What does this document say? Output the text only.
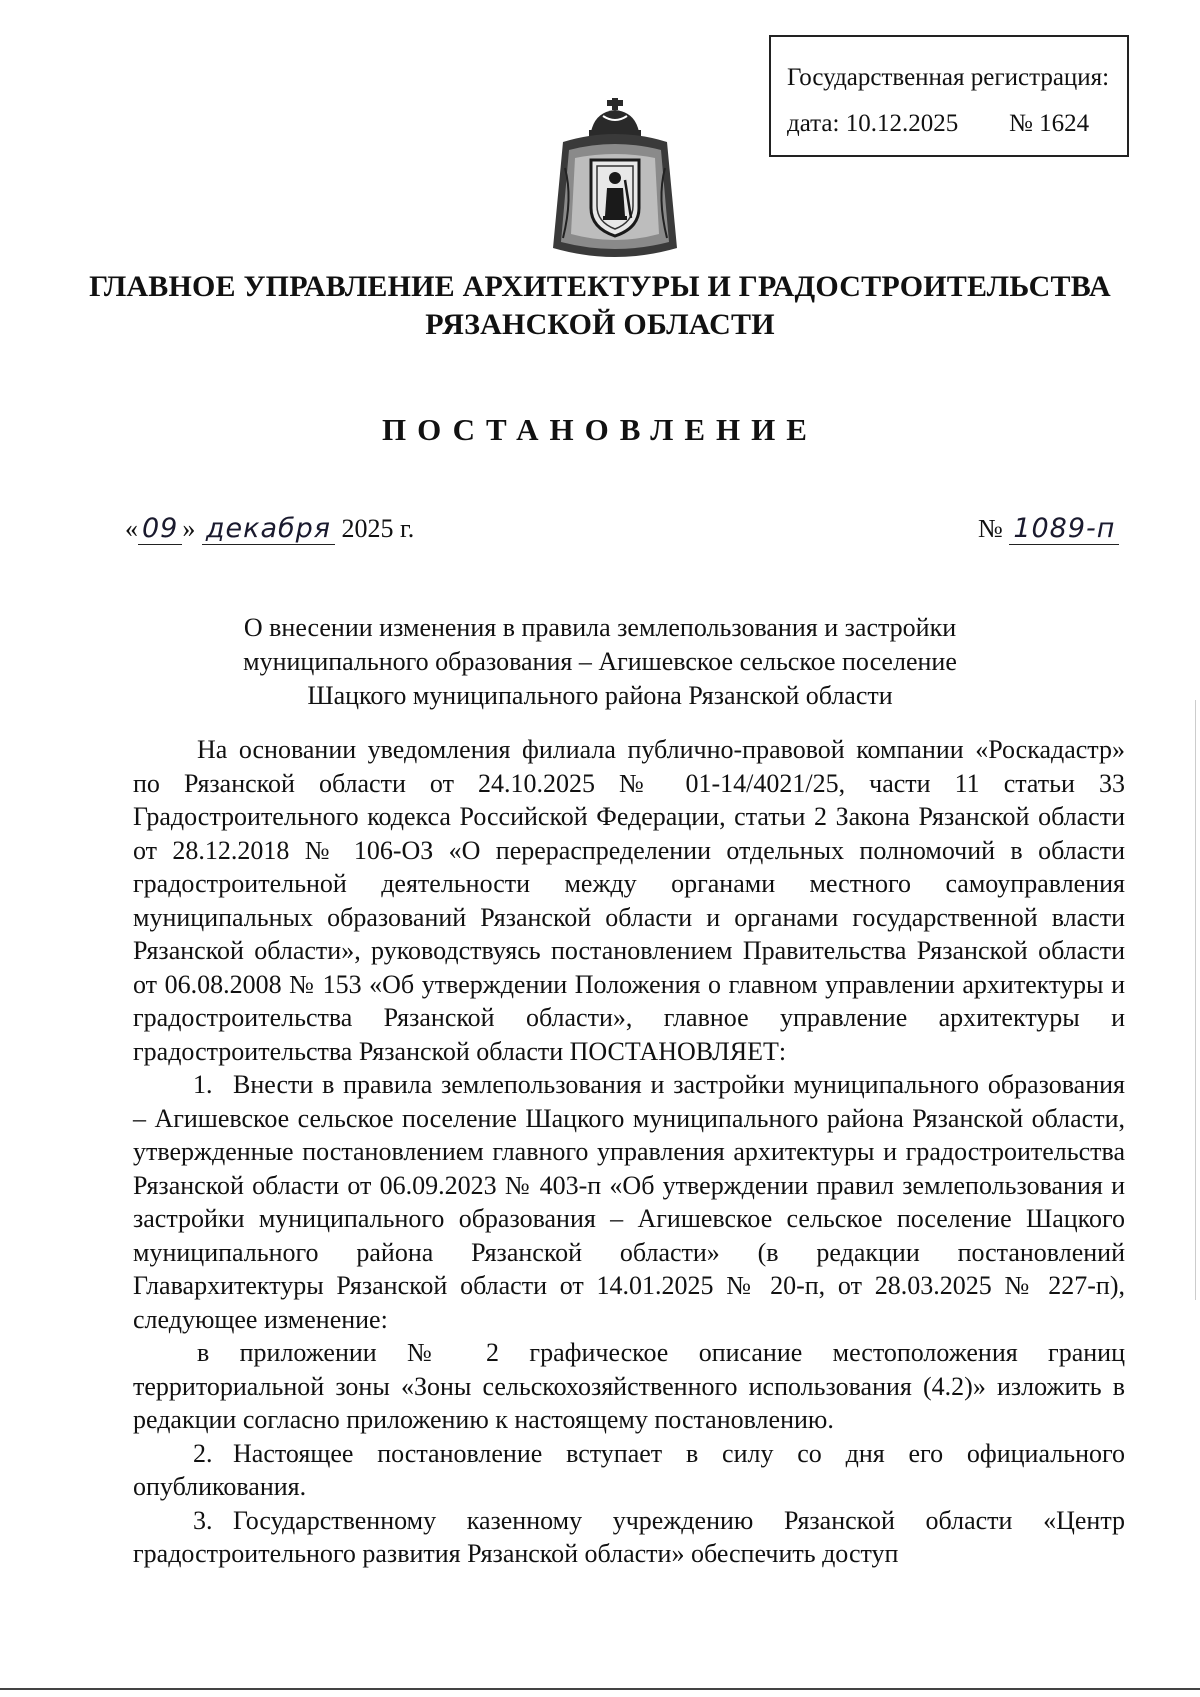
Государственная регистрация:
дата: 10.12.2025 № 1624
ГЛАВНОЕ УПРАВЛЕНИЕ АРХИТЕКТУРЫ И ГРАДОСТРОИТЕЛЬСТВА
РЯЗАНСКОЙ ОБЛАСТИ
ПОСТАНОВЛЕНИЕ
« 09 » декабря 2025 г.	№ 1089-п
О внесении изменения в правила землепользования и застройки
муниципального образования – Агишевское сельское поселение
Шацкого муниципального района Рязанской области

На основании уведомления филиала публично-правовой компании «Роскадастр» по Рязанской области от 24.10.2025 № 01-14/4021/25, части 11 статьи 33 Градостроительного кодекса Российской Федерации, статьи 2 Закона Рязанской области от 28.12.2018 № 106-ОЗ «О перераспределении отдельных полномочий в области градостроительной деятельности между органами местного самоуправления муниципальных образований Рязанской области и органами государственной власти Рязанской области», руководствуясь постановлением Правительства Рязанской области от 06.08.2008 № 153 «Об утверждении Положения о главном управлении архитектуры и градостроительства Рязанской области», главное управление архитектуры и градостроительства Рязанской области ПОСТАНОВЛЯЕТ:

1. Внести в правила землепользования и застройки муниципального образования – Агишевское сельское поселение Шацкого муниципального района Рязанской области, утвержденные постановлением главного управления архитектуры и градостроительства Рязанской области от 06.09.2023 № 403-п «Об утверждении правил землепользования и застройки муниципального образования – Агишевское сельское поселение Шацкого муниципального района Рязанской области» (в редакции постановлений Главархитектуры Рязанской области от 14.01.2025 № 20-п, от 28.03.2025 № 227-п), следующее изменение:

в приложении № 2 графическое описание местоположения границ территориальной зоны «Зоны сельскохозяйственного использования (4.2)» изложить в редакции согласно приложению к настоящему постановлению.

2. Настоящее постановление вступает в силу со дня его официального опубликования.

3. Государственному казенному учреждению Рязанской области «Центр градостроительного развития Рязанской области» обеспечить доступ
